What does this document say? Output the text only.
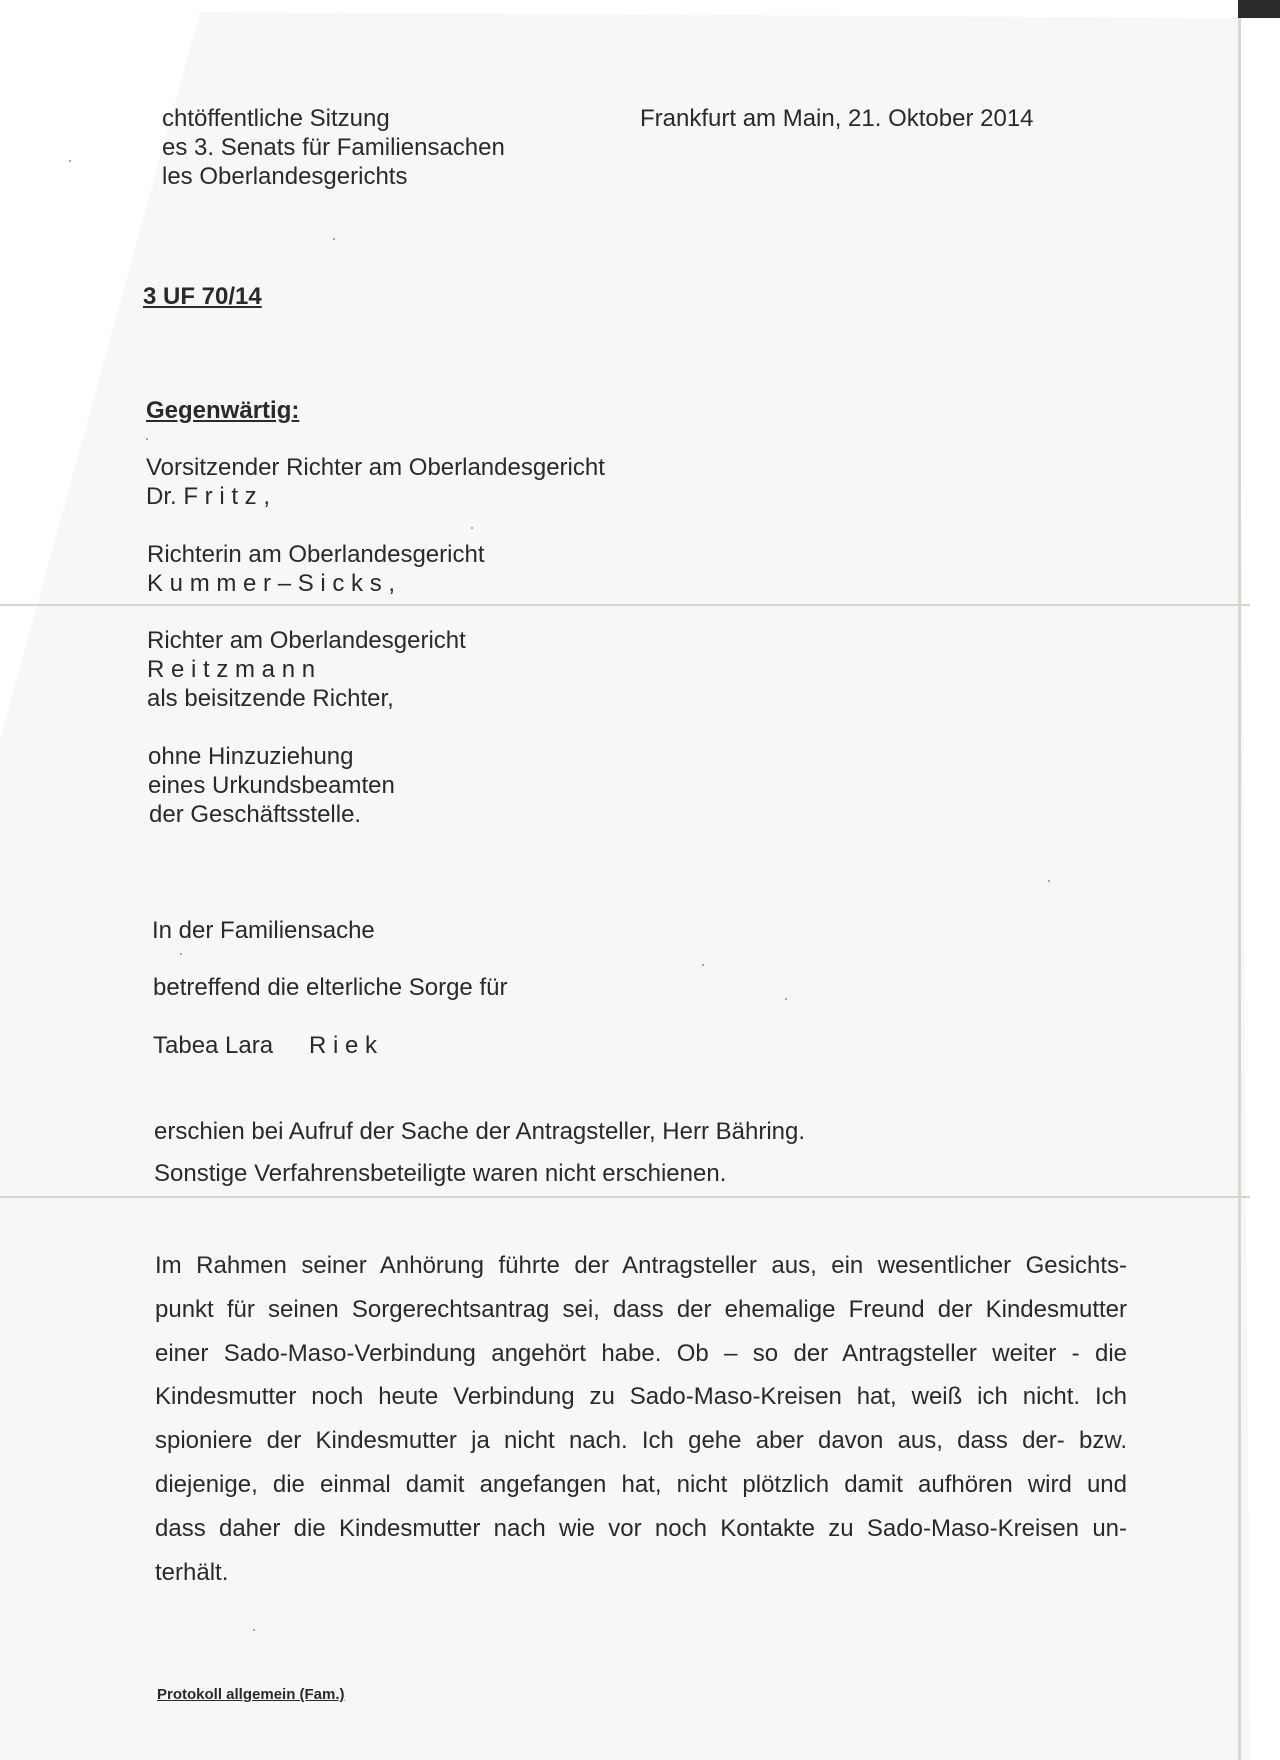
chtöffentliche Sitzung
es 3. Senats für Familiensachen
les Oberlandesgerichts
Frankfurt am Main, 21. Oktober 2014
3 UF 70/14
Gegenwärtig:
Vorsitzender Richter am Oberlandesgericht
Dr. F r i t z ,
Richterin am Oberlandesgericht
K u m m e r – S i c k s ,
Richter am Oberlandesgericht
R e i t z m a n n
als beisitzende Richter,
ohne Hinzuziehung
eines Urkundsbeamten
der Geschäftsstelle.
In der Familiensache
betreffend die elterliche Sorge für
Tabea Lara R i e k
erschien bei Aufruf der Sache der Antragsteller, Herr Bähring.
Sonstige Verfahrensbeteiligte waren nicht erschienen.
Im Rahmen seiner Anhörung führte der Antragsteller aus, ein wesentlicher Gesichts-
punkt für seinen Sorgerechtsantrag sei, dass der ehemalige Freund der Kindesmutter
einer Sado-Maso-Verbindung angehört habe. Ob – so der Antragsteller weiter - die
Kindesmutter noch heute Verbindung zu Sado-Maso-Kreisen hat, weiß ich nicht. Ich
spioniere der Kindesmutter ja nicht nach. Ich gehe aber davon aus, dass der- bzw.
diejenige, die einmal damit angefangen hat, nicht plötzlich damit aufhören wird und
dass daher die Kindesmutter nach wie vor noch Kontakte zu Sado-Maso-Kreisen un-
terhält.
Protokoll allgemein (Fam.)
